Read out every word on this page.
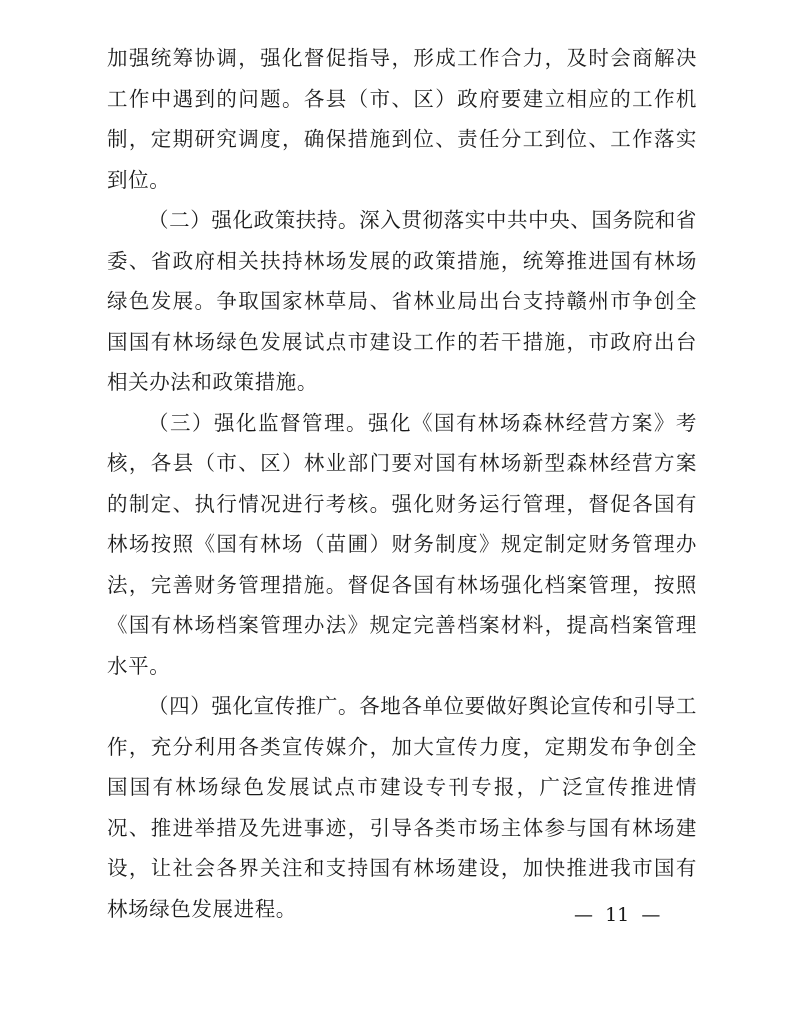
加强统筹协调，强化督促指导，形成工作合力，及时会商解决工作中遇到的问题。各县（市、区）政府要建立相应的工作机制，定期研究调度，确保措施到位、责任分工到位、工作落实到位。

（二）强化政策扶持。深入贯彻落实中共中央、国务院和省委、省政府相关扶持林场发展的政策措施，统筹推进国有林场绿色发展。争取国家林草局、省林业局出台支持赣州市争创全国国有林场绿色发展试点市建设工作的若干措施，市政府出台相关办法和政策措施。

（三）强化监督管理。强化《国有林场森林经营方案》考核，各县（市、区）林业部门要对国有林场新型森林经营方案的制定、执行情况进行考核。强化财务运行管理，督促各国有林场按照《国有林场（苗圃）财务制度》规定制定财务管理办法，完善财务管理措施。督促各国有林场强化档案管理，按照《国有林场档案管理办法》规定完善档案材料，提高档案管理水平。

（四）强化宣传推广。各地各单位要做好舆论宣传和引导工作，充分利用各类宣传媒介，加大宣传力度，定期发布争创全国国有林场绿色发展试点市建设专刊专报，广泛宣传推进情况、推进举措及先进事迹，引导各类市场主体参与国有林场建设，让社会各界关注和支持国有林场建设，加快推进我市国有林场绿色发展进程。	—  11  —
